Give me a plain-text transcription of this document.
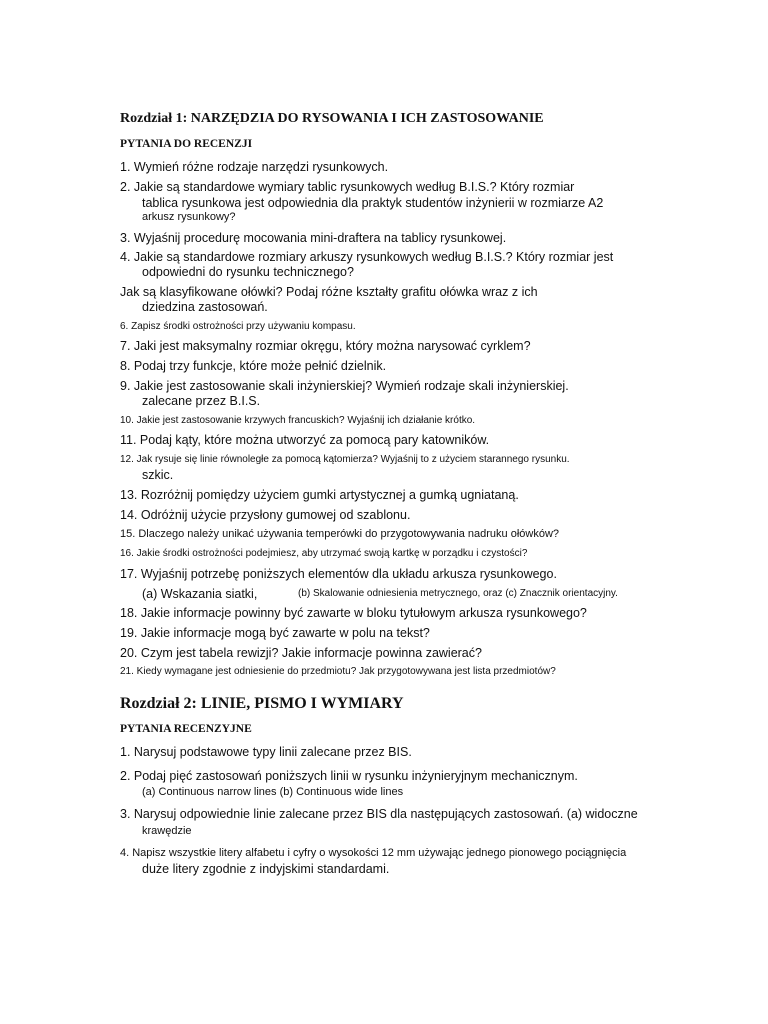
Rozdział 1: NARZĘDZIA DO RYSOWANIA I ICH ZASTOSOWANIE
PYTANIA DO RECENZJI
1. Wymień różne rodzaje narzędzi rysunkowych.
2. Jakie są standardowe wymiary tablic rysunkowych według B.I.S.? Który rozmiar
tablica rysunkowa jest odpowiednia dla praktyk studentów inżynierii w rozmiarze A2
arkusz rysunkowy?
3. Wyjaśnij procedurę mocowania mini-draftera na tablicy rysunkowej.
4. Jakie są standardowe rozmiary arkuszy rysunkowych według B.I.S.? Który rozmiar jest
odpowiedni do rysunku technicznego?
Jak są klasyfikowane ołówki? Podaj różne kształty grafitu ołówka wraz z ich
dziedzina zastosowań.
6. Zapisz środki ostrożności przy używaniu kompasu.
7. Jaki jest maksymalny rozmiar okręgu, który można narysować cyrklem?
8. Podaj trzy funkcje, które może pełnić dzielnik.
9. Jakie jest zastosowanie skali inżynierskiej? Wymień rodzaje skali inżynierskiej.
zalecane przez B.I.S.
10. Jakie jest zastosowanie krzywych francuskich? Wyjaśnij ich działanie krótko.
11. Podaj kąty, które można utworzyć za pomocą pary katowników.
12. Jak rysuje się linie równoległe za pomocą kątomierza? Wyjaśnij to z użyciem starannego rysunku.
szkic.
13. Rozróżnij pomiędzy użyciem gumki artystycznej a gumką ugniataną.
14. Odróżnij użycie przysłony gumowej od szablonu.
15. Dlaczego należy unikać używania temperówki do przygotowywania nadruku ołówków?
16. Jakie środki ostrożności podejmiesz, aby utrzymać swoją kartkę w porządku i czystości?
17. Wyjaśnij potrzebę poniższych elementów dla układu arkusza rysunkowego.
(a) Wskazania siatki,	(b) Skalowanie odniesienia metrycznego, oraz (c) Znacznik orientacyjny.
18. Jakie informacje powinny być zawarte w bloku tytułowym arkusza rysunkowego?
19. Jakie informacje mogą być zawarte w polu na tekst?
20. Czym jest tabela rewizji? Jakie informacje powinna zawierać?
21. Kiedy wymagane jest odniesienie do przedmiotu? Jak przygotowywana jest lista przedmiotów?
Rozdział 2: LINIE, PISMO I WYMIARY
PYTANIA RECENZYJNE
1. Narysuj podstawowe typy linii zalecane przez BIS.
2. Podaj pięć zastosowań poniższych linii w rysunku inżynieryjnym mechanicznym.
(a) Continuous narrow lines (b) Continuous wide lines
3. Narysuj odpowiednie linie zalecane przez BIS dla następujących zastosowań. (a) widoczne
krawędzie
4. Napisz wszystkie litery alfabetu i cyfry o wysokości 12 mm używając jednego pionowego pociągnięcia
duże litery zgodnie z indyjskimi standardami.
